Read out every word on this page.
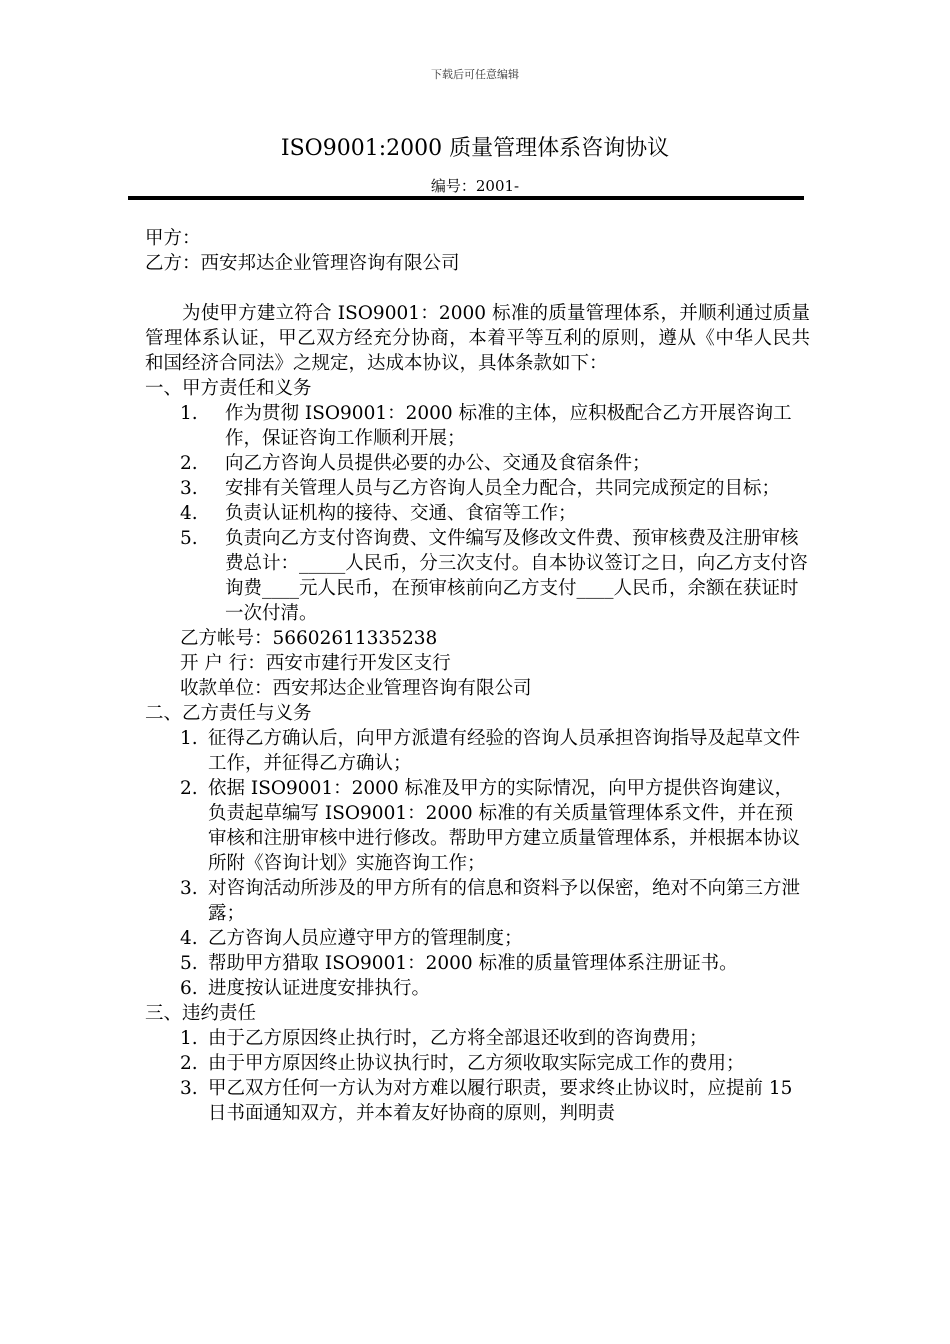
下载后可任意编辑
ISO9001:2000 质量管理体系咨询协议
编号：2001-
甲方：
乙方：西安邦达企业管理咨询有限公司
为使甲方建立符合 ISO9001：2000 标准的质量管理体系，并顺利通过质量管理体系认证，甲乙双方经充分协商，本着平等互利的原则，遵从《中华人民共和国经济合同法》之规定，达成本协议，具体条款如下：
一、甲方责任和义务
1.	作为贯彻 ISO9001：2000 标准的主体，应积极配合乙方开展咨询工作，保证咨询工作顺利开展；
2.	向乙方咨询人员提供必要的办公、交通及食宿条件；
3.	安排有关管理人员与乙方咨询人员全力配合，共同完成预定的目标；
4.	负责认证机构的接待、交通、食宿等工作；
5.	负责向乙方支付咨询费、文件编写及修改文件费、预审核费及注册审核费总计：_____人民币，分三次支付。自本协议签订之日，向乙方支付咨询费____元人民币，在预审核前向乙方支付____人民币，余额在获证时一次付清。
乙方帐号：56602611335238
开 户 行：西安市建行开发区支行
收款单位：西安邦达企业管理咨询有限公司
二、乙方责任与义务
1. 征得乙方确认后，向甲方派遣有经验的咨询人员承担咨询指导及起草文件工作，并征得乙方确认；
2. 依据 ISO9001：2000 标准及甲方的实际情况，向甲方提供咨询建议，负责起草编写 ISO9001：2000 标准的有关质量管理体系文件，并在预审核和注册审核中进行修改。帮助甲方建立质量管理体系，并根据本协议所附《咨询计划》实施咨询工作；
3. 对咨询活动所涉及的甲方所有的信息和资料予以保密，绝对不向第三方泄露；
4. 乙方咨询人员应遵守甲方的管理制度；
5. 帮助甲方猎取 ISO9001：2000 标准的质量管理体系注册证书。
6. 进度按认证进度安排执行。
三、违约责任
1. 由于乙方原因终止执行时，乙方将全部退还收到的咨询费用；
2. 由于甲方原因终止协议执行时，乙方须收取实际完成工作的费用；
3. 甲乙双方任何一方认为对方难以履行职责，要求终止协议时，应提前 15 日书面通知双方，并本着友好协商的原则，判明责
